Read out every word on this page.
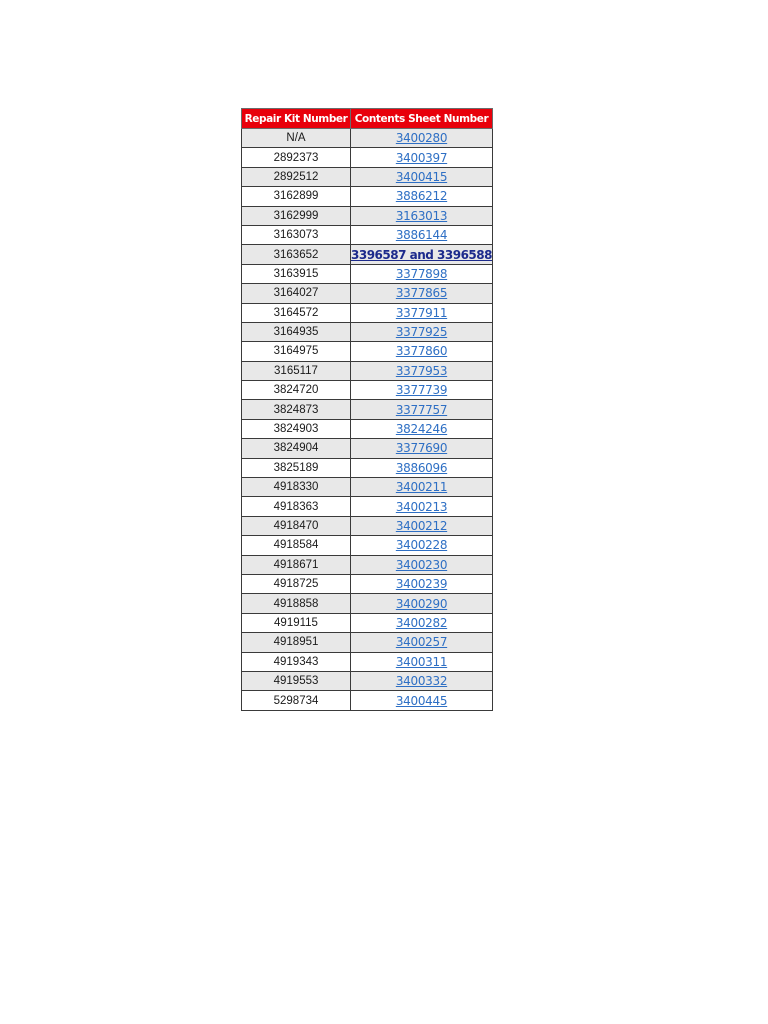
Repair Kit Number	Contents Sheet Number
N/A	3400280
2892373	3400397
2892512	3400415
3162899	3886212
3162999	3163013
3163073	3886144
3163652	3396587 and 3396588
3163915	3377898
3164027	3377865
3164572	3377911
3164935	3377925
3164975	3377860
3165117	3377953
3824720	3377739
3824873	3377757
3824903	3824246
3824904	3377690
3825189	3886096
4918330	3400211
4918363	3400213
4918470	3400212
4918584	3400228
4918671	3400230
4918725	3400239
4918858	3400290
4919115	3400282
4918951	3400257
4919343	3400311
4919553	3400332
5298734	3400445
